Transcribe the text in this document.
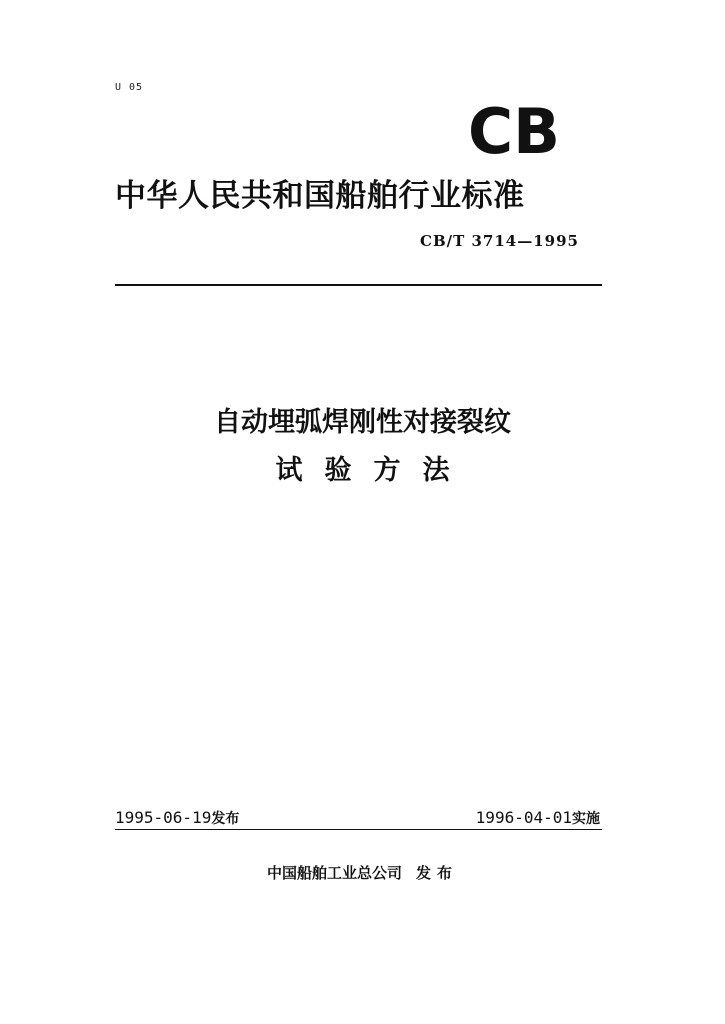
U 05
CB
中华人民共和国船舶行业标准
CB/T 3714—1995
自动埋弧焊刚性对接裂纹
试验方法
1995-06-19发布	1996-04-01实施
中国船舶工业总公司 发布
